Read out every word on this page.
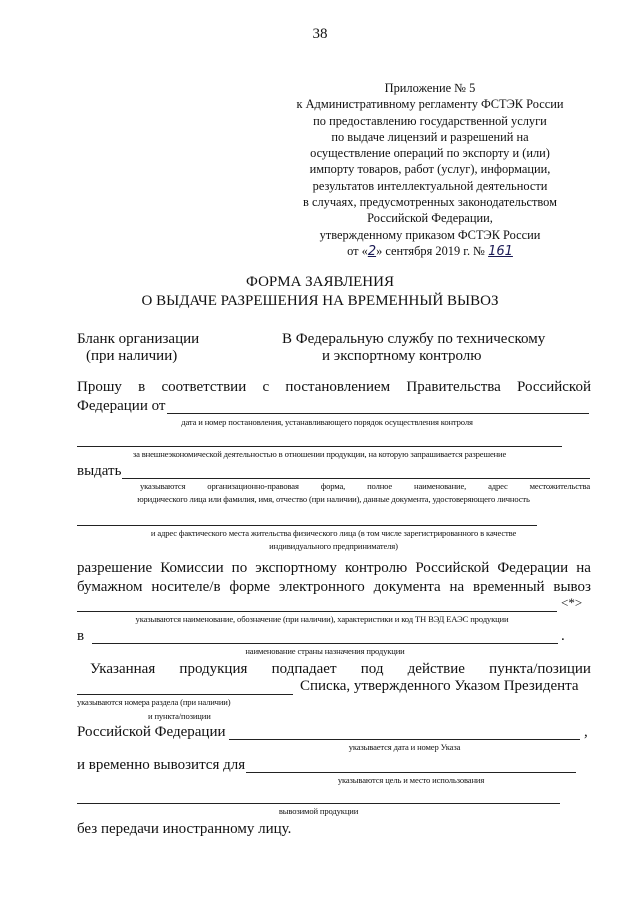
38
Приложение № 5
к Административному регламенту ФСТЭК России
по предоставлению государственной услуги
по выдаче лицензий и разрешений на
осуществление операций по экспорту и (или)
импорту товаров, работ (услуг), информации,
результатов интеллектуальной деятельности
в случаях, предусмотренных законодательством
Российской Федерации,
утвержденному приказом ФСТЭК России
от «2» сентября 2019 г. № 161
ФОРМА ЗАЯВЛЕНИЯ
О ВЫДАЧЕ РАЗРЕШЕНИЯ НА ВРЕМЕННЫЙ ВЫВОЗ
Бланк организации
(при наличии)
В Федеральную службу по техническому
и экспортному контролю
Прошу в соответствии с постановлением Правительства Российской
Федерации от
дата и номер постановления, устанавливающего порядок осуществления контроля
за внешнеэкономической деятельностью в отношении продукции, на которую запрашивается разрешение
выдать
указываются	организационно-правовая	форма,	полное	наименование,	адрес	местожительства
юридического лица или фамилия, имя, отчество (при наличии), данные документа, удостоверяющего личность
и адрес фактического места жительства физического лица (в том числе зарегистрированного в качестве
индивидуального предпринимателя)
разрешение Комиссии по экспортному контролю Российской Федерации на
бумажном носителе/в форме электронного документа на временный вывоз
<*>
указываются наименование, обозначение (при наличии), характеристики и код ТН ВЭД ЕАЭС продукции
в	.
наименование страны назначения продукции
Указанная продукция подпадает под действие пункта/позиции
Списка, утвержденного Указом Президента
указываются номера раздела (при наличии)
и пункта/позиции
Российской Федерации	,
указывается дата и номер Указа
и временно вывозится для
указываются цель и место использования
вывозимой продукции
без передачи иностранному лицу.
